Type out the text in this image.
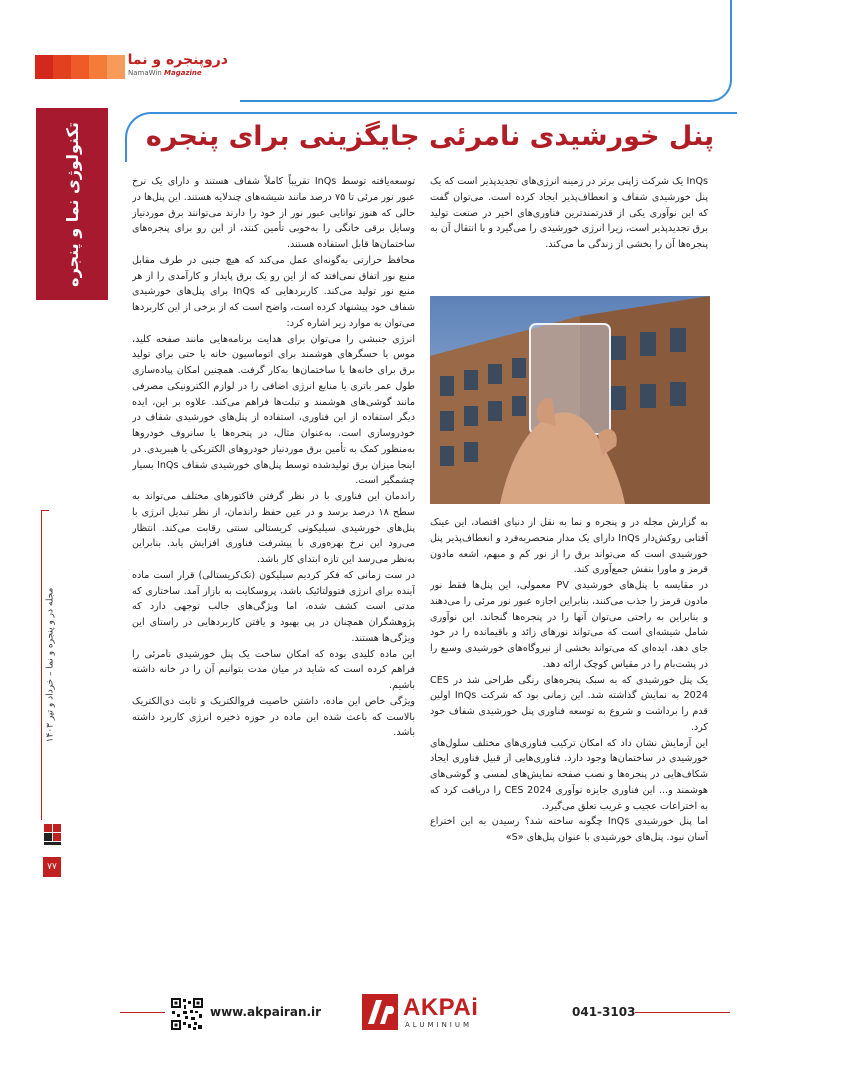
دروپنجره و نما
NamaWin Magazine
تکنولوژی نما و پنجره
مجله در و پنجره و نما – خرداد و تیر ۱۴۰۳
۷۷
پنل خورشیدی نامرئی جایگزینی برای پنجره

InQs یک شرکت ژاپنی برتر در زمینه انرژی‌های تجدیدپذیر است که یک پنل خورشیدی شفاف و انعطاف‌پذیر ایجاد کرده است. می‌توان گفت که این نوآوری یکی از قدرتمندترین فناوری‌های اخیر در صنعت تولید برق تجدیدپذیر است، زیرا انرژی خورشیدی را می‌گیرد و با انتقال آن به پنجره‌ها آن را بخشی از زندگی ما می‌کند.

به گزارش مجله در و پنجره و نما به نقل از دنیای اقتصاد، این عینک آفتابی روکش‌دار InQs دارای یک مدار منحصربه‌فرد و انعطاف‌پذیر پنل خورشیدی است که می‌تواند برق را از نور کم و مبهم، اشعه مادون قرمز و ماورا بنفش جمع‌آوری کند.

در مقایسه با پنل‌های خورشیدی PV معمولی، این پنل‌ها فقط نور مادون قرمز را جذب می‌کنند، بنابراین اجازه عبور نور مرئی را می‌دهند و بنابراین به راحتی می‌توان آنها را در پنجره‌ها گنجاند. این نوآوری شامل شیشه‌ای است که می‌تواند نورهای زائد و باقیمانده را در خود جای دهد، ایده‌ای که می‌تواند بخشی از نیروگاه‌های خورشیدی وسیع را در پشت‌بام را در مقیاس کوچک ارائه دهد.

یک پنل خورشیدی که به سبک پنجره‌های رنگی طراحی شد در CES 2024 به نمایش گذاشته شد. این زمانی بود که شرکت InQs اولین قدم را برداشت و شروع به توسعه فناوری پنل خورشیدی شفاف خود کرد.

این آزمایش نشان داد که امکان ترکیب فناوری‌های مختلف سلول‌های خورشیدی در ساختمان‌ها وجود دارد. فناوری‌هایی از قبیل فناوری ایجاد شکاف‌هایی در پنجره‌ها و نصب صفحه نمایش‌های لمسی و گوشی‌های هوشمند و... این فناوری جایزه نوآوری CES 2024 را دریافت کرد که به اختراعات عجیب و غریب تعلق می‌گیرد.

اما پنل خورشیدی InQs چگونه ساخته شد؟ رسیدن به این اختراع آسان نبود. پنل‌های خورشیدی با عنوان پنل‌های «S»

توسعه‌یافته توسط InQs تقریباً کاملاً شفاف هستند و دارای یک نرخ عبور نور مرئی تا ۷۵ درصد مانند شیشه‌های چندلایه هستند. این پنل‌ها در حالی که هنوز توانایی عبور نور از خود را دارند می‌توانند برق موردنیاز وسایل برقی خانگی را به‌خوبی تأمین کنند، از این رو برای پنجره‌های ساختمان‌ها قابل استفاده هستند.

محافظ حرارتی به‌گونه‌ای عمل می‌کند که هیچ جنبی در طرف مقابل منبع نور اتفاق نمی‌افتد که از این رو یک برق پایدار و کارآمدی را از هر منبع نور تولید می‌کند. کاربردهایی که InQs برای پنل‌های خورشیدی شفاف خود پیشنهاد کرده است، واضح است که از برخی از این کاربردها می‌توان به موارد زیر اشاره کرد:

انرژی جنبشی را می‌توان برای هدایت برنامه‌هایی مانند صفحه کلید، موس یا حسگرهای هوشمند برای اتوماسیون خانه یا حتی برای تولید برق برای خانه‌ها یا ساختمان‌ها به‌کار گرفت. همچنین امکان پیاده‌سازی طول عمر باتری یا منابع انرژی اضافی را در لوازم الکترونیکی مصرفی مانند گوشی‌های هوشمند و تبلت‌ها فراهم می‌کند. علاوه بر این، ایده دیگر استفاده از این فناوری، استفاده از پنل‌های خورشیدی شفاف در خودروسازی است. به‌عنوان مثال، در پنجره‌ها یا سانروف خودروها به‌منظور کمک به تأمین برق موردنیاز خودروهای الکتریکی یا هیبریدی. در اینجا میزان برق تولیدشده توسط پنل‌های خورشیدی شفاف InQs بسیار چشمگیر است.

راندمان این فناوری با در نظر گرفتن فاکتورهای مختلف می‌تواند به سطح ۱۸ درصد برسد و در عین حفظ راندمان، از نظر تبدیل انرژی با پنل‌های خورشیدی سیلیکونی کریستالی سنتی رقابت می‌کند. انتظار می‌رود این نرخ بهره‌وری با پیشرفت فناوری افزایش یابد. بنابراین به‌نظر می‌رسد این تازه ابتدای کار باشد.

در ست زمانی که فکر کردیم سیلیکون (تک‌کریستالی) قرار است ماده آینده برای انرژی فتوولتائیک باشد، پروسکایت به بازار آمد. ساختاری که مدتی است کشف شده، اما ویژگی‌های جالب توجهی دارد که پژوهشگران همچنان در پی بهبود و یافتن کاربردهایی در راستای این ویژگی‌ها هستند.

این ماده کلیدی بوده که امکان ساخت یک پنل خورشیدی نامرئی را فراهم کرده است که شاید در میان مدت بتوانیم آن را در خانه داشته باشیم.

ویژگی خاص این ماده، داشتن خاصیت فروالکتریک و ثابت دی‌الکتریک بالاست که باعث شده این ماده در حوزه ذخیره انرژی کاربرد داشته باشد.

www.akpairan.ir	AKPAi
ALUMINIUM
041-3103
